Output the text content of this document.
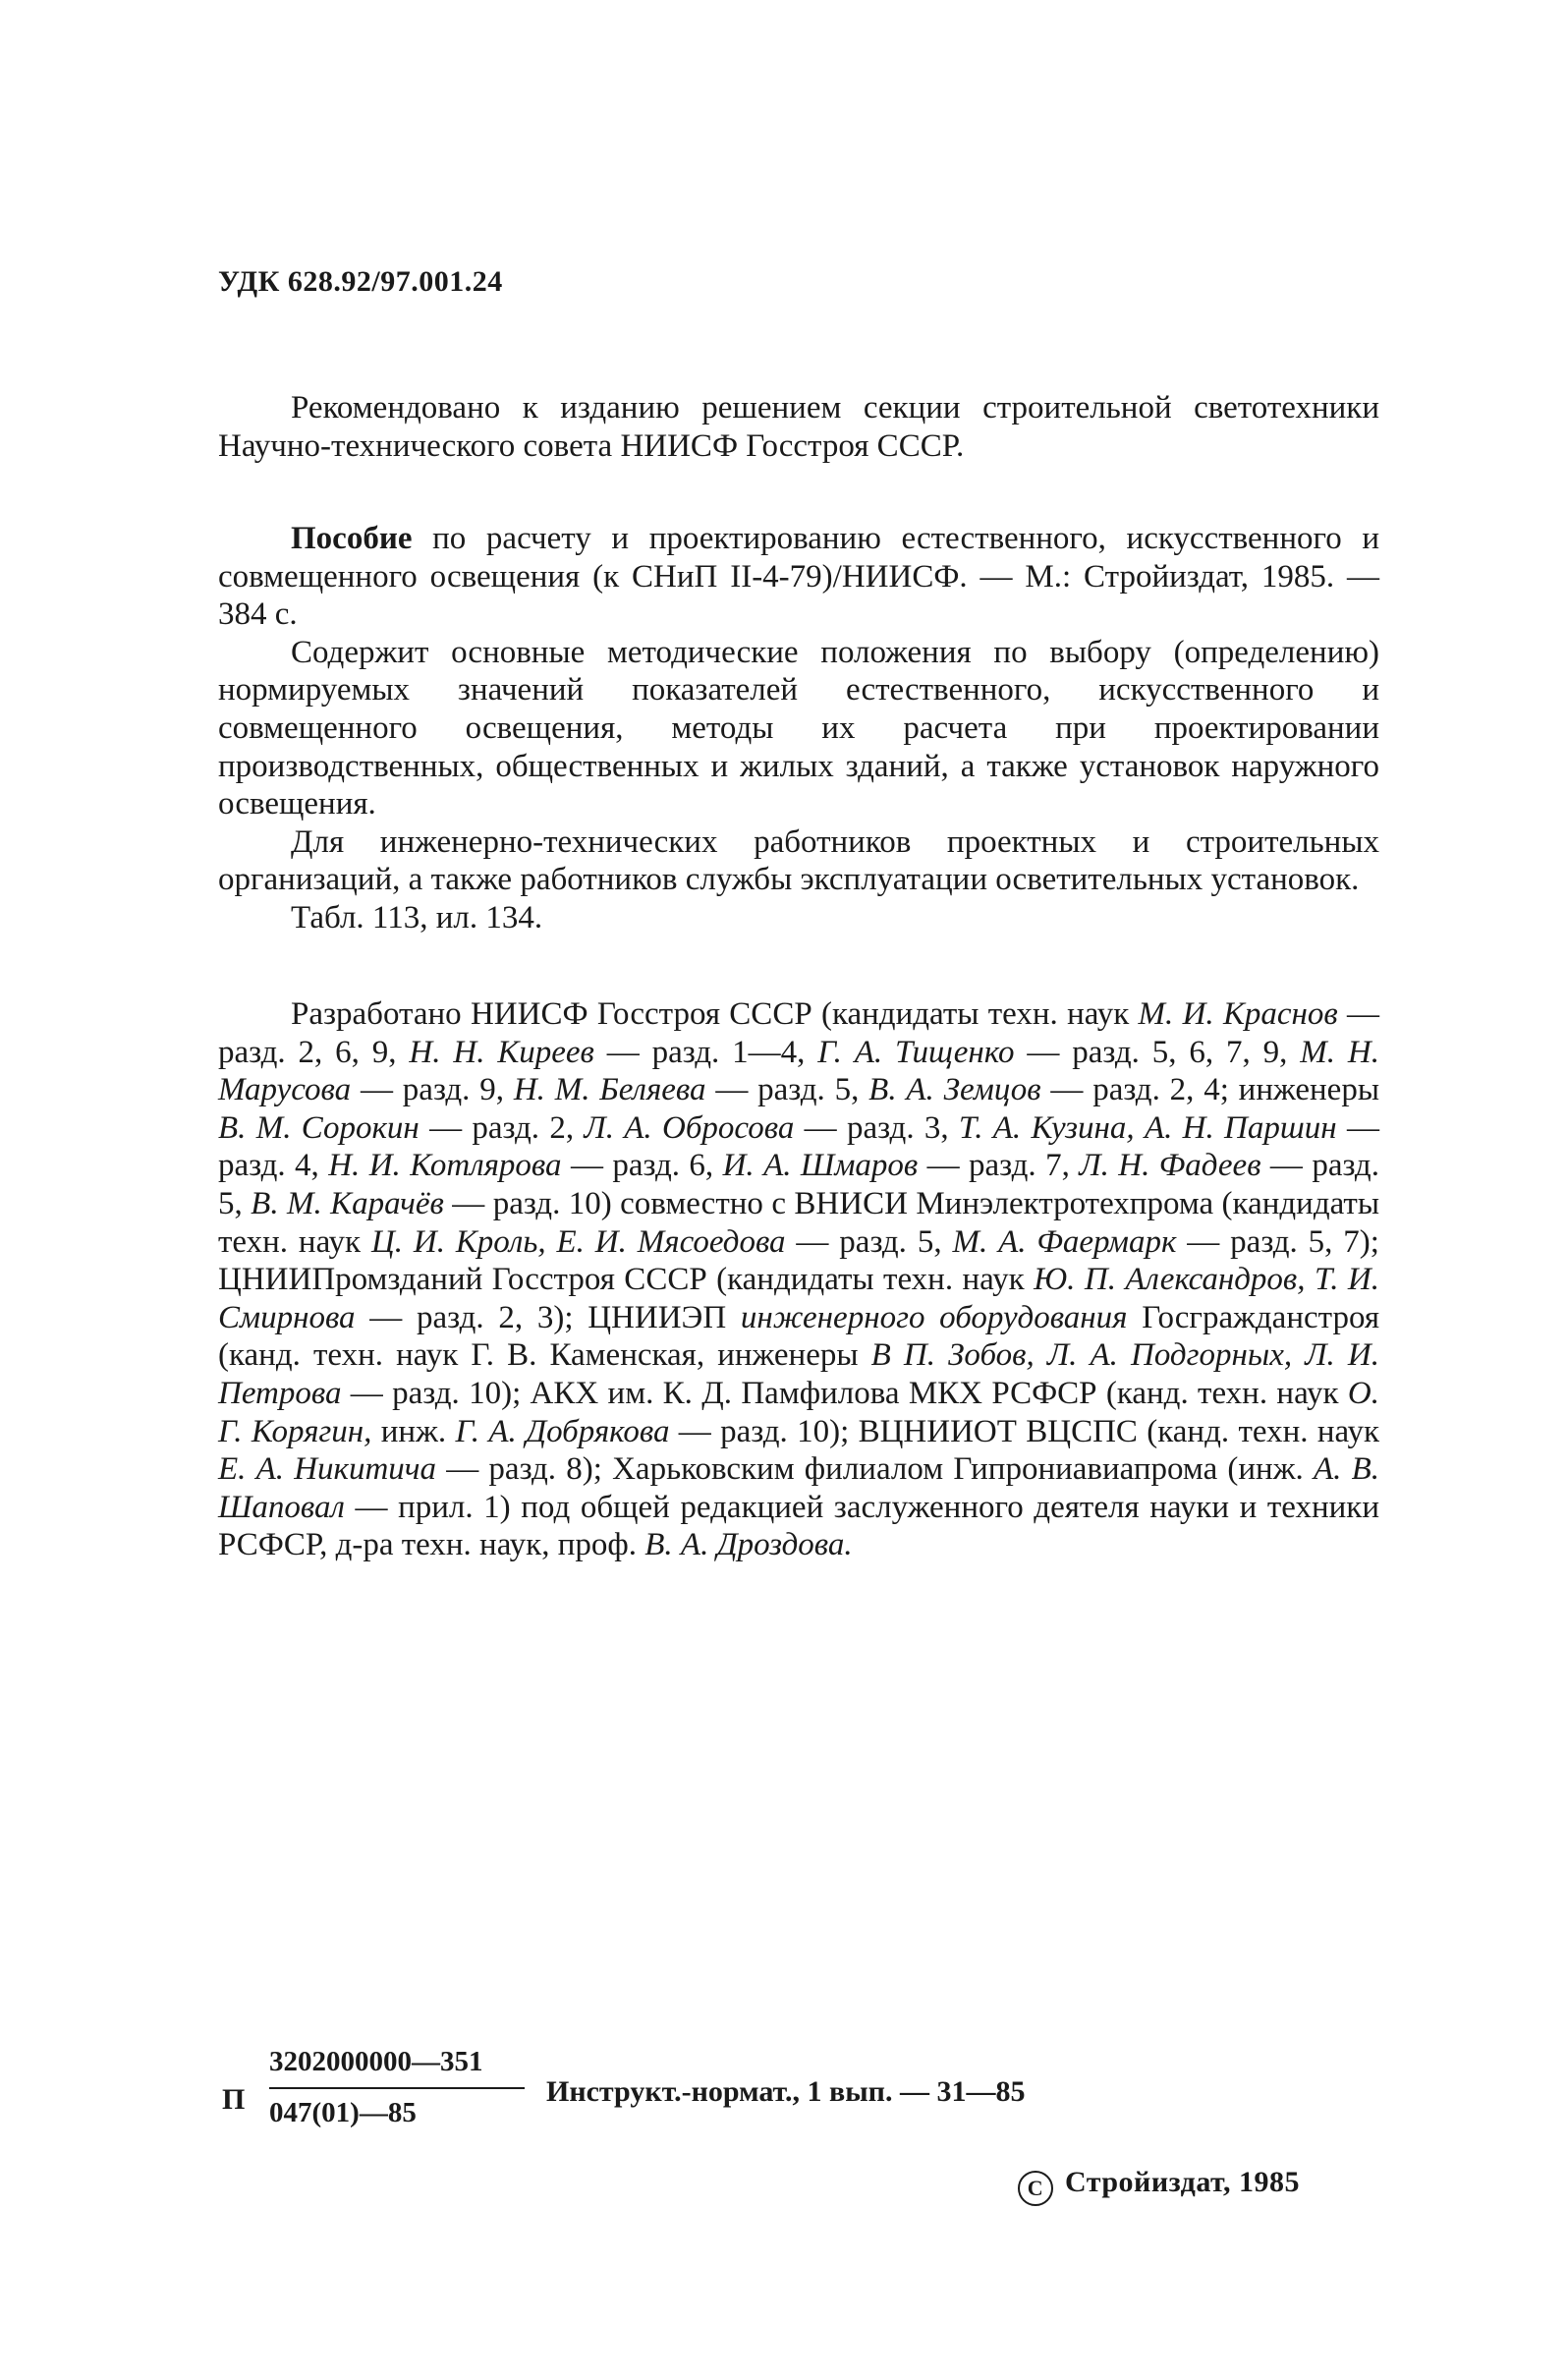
УДК 628.92/97.001.24

Рекомендовано к изданию решением секции строительной светотехники Научно-технического совета НИИСФ Госстроя СССР.

Пособие по расчету и проектированию естественного, искусственного и совмещенного освещения (к СНиП II-4-79)/НИИСФ. — М.: Стройиздат, 1985. — 384 с.

Содержит основные методические положения по выбору (определению) нормируемых значений показателей естественного, искусственного и совмещенного освещения, методы их расчета при проектировании производственных, общественных и жилых зданий, а также установок наружного освещения.

Для инженерно-технических работников проектных и строительных организаций, а также работников службы эксплуатации осветительных установок.

Табл. 113, ил. 134.

Разработано НИИСФ Госстроя СССР (кандидаты техн. наук М. И. Краснов — разд. 2, 6, 9, Н. Н. Киреев — разд. 1—4, Г. А. Тищенко — разд. 5, 6, 7, 9, М. Н. Марусова — разд. 9, Н. М. Беляева — разд. 5, В. А. Земцов — разд. 2, 4; инженеры В. М. Сорокин — разд. 2, Л. А. Обросова — разд. 3, Т. А. Кузина, А. Н. Паршин — разд. 4, Н. И. Котлярова — разд. 6, И. А. Шмаров — разд. 7, Л. Н. Фадеев — разд. 5, В. М. Карачёв — разд. 10) совместно с ВНИСИ Минэлектротехпрома (кандидаты техн. наук Ц. И. Кроль, Е. И. Мясоедова — разд. 5, М. А. Фаермарк — разд. 5, 7); ЦНИИПромзданий Госстроя СССР (кандидаты техн. наук Ю. П. Александров, Т. И. Смирнова — разд. 2, 3); ЦНИИЭП инженерного оборудования Госгражданстроя (канд. техн. наук Г. В. Каменская, инженеры В П. Зобов, Л. А. Подгорных, Л. И. Петрова — разд. 10); АКХ им. К. Д. Памфилова МКХ РСФСР (канд. техн. наук О. Г. Корягин, инж. Г. А. Добрякова — разд. 10); ВЦНИИОТ ВЦСПС (канд. техн. наук Е. А. Никитича — разд. 8); Харьковским филиалом Гипрониавиапрома (инж. А. В. Шаповал — прил. 1) под общей редакцией заслуженного деятеля науки и техники РСФСР, д-ра техн. наук, проф. В. А. Дроздова.

П
3202000000—351
047(01)—85
Инструкт.-нормат., 1 вып. — 31—85
C Стройиздат, 1985
